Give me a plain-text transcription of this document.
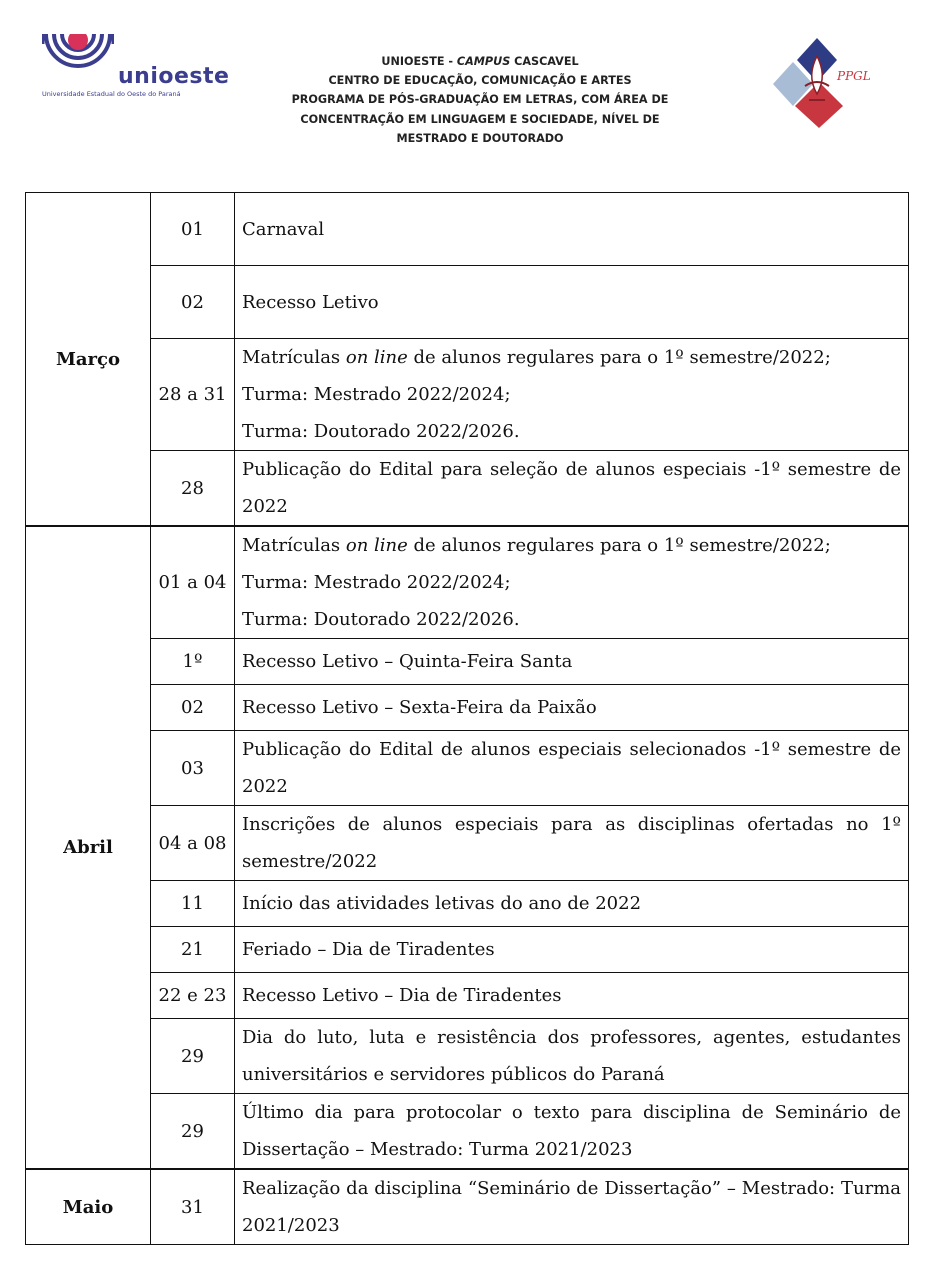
unioeste
Universidade Estadual do Oeste do Paraná
UNIOESTE - CAMPUS CASCAVEL
CENTRO DE EDUCAÇÃO, COMUNICAÇÃO E ARTES
PROGRAMA DE PÓS-GRADUAÇÃO EM LETRAS, COM ÁREA DE
CONCENTRAÇÃO EM LINGUAGEM E SOCIEDADE, NÍVEL DE
MESTRADO E DOUTORADO
PPGL
Março	01	Carnaval
	02	Recesso Letivo
	28 a 31	Matrículas on line de alunos regulares para o 1º semestre/2022;
Turma: Mestrado 2022/2024;
Turma: Doutorado 2022/2026.

	28	Publicação do Edital para seleção de alunos especiais -1º semestre de 2022
Abril	01 a 04	Matrículas on line de alunos regulares para o 1º semestre/2022;
Turma: Mestrado 2022/2024;
Turma: Doutorado 2022/2026.

	1º	Recesso Letivo – Quinta-Feira Santa
	02	Recesso Letivo – Sexta-Feira da Paixão
	03	Publicação do Edital de alunos especiais selecionados -1º semestre de 2022
	04 a 08	Inscrições de alunos especiais para as disciplinas ofertadas no 1º semestre/2022
	11	Início das atividades letivas do ano de 2022
	21	Feriado – Dia de Tiradentes
	22 e 23	Recesso Letivo – Dia de Tiradentes
	29	Dia do luto, luta e resistência dos professores, agentes, estudantes universitários e servidores públicos do Paraná
	29	Último dia para protocolar o texto para disciplina de Seminário de Dissertação – Mestrado: Turma 2021/2023
Maio	31	Realização da disciplina “Seminário de Dissertação” – Mestrado: Turma 2021/2023
